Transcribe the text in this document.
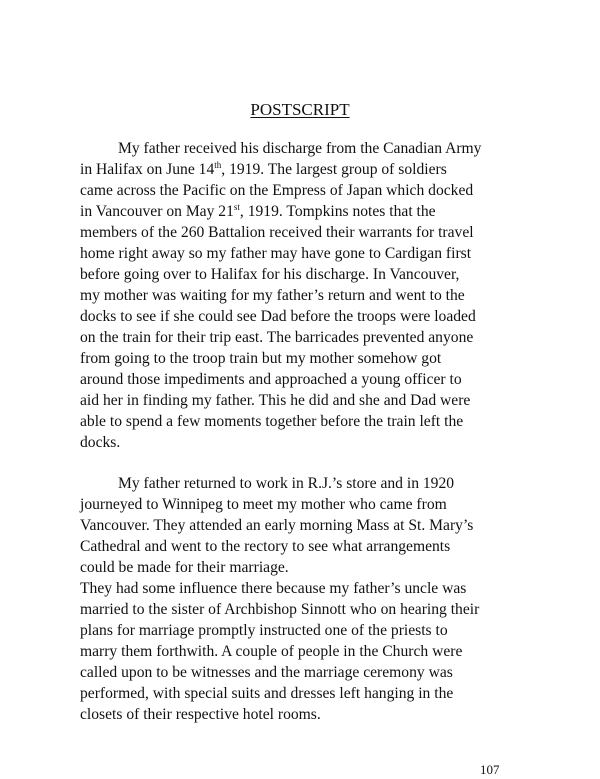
POSTSCRIPT
My father received his discharge from the Canadian Army
in Halifax on June 14th, 1919. The largest group of soldiers
came across the Pacific on the Empress of Japan which docked
in Vancouver on May 21st, 1919. Tompkins notes that the
members of the 260 Battalion received their warrants for travel
home right away so my father may have gone to Cardigan first
before going over to Halifax for his discharge. In Vancouver,
my mother was waiting for my father’s return and went to the
docks to see if she could see Dad before the troops were loaded
on the train for their trip east. The barricades prevented anyone
from going to the troop train but my mother somehow got
around those impediments and approached a young officer to
aid her in finding my father. This he did and she and Dad were
able to spend a few moments together before the train left the
docks.
My father returned to work in R.J.’s store and in 1920
journeyed to Winnipeg to meet my mother who came from
Vancouver. They attended an early morning Mass at St. Mary’s
Cathedral and went to the rectory to see what arrangements
could be made for their marriage.
They had some influence there because my father’s uncle was
married to the sister of Archbishop Sinnott who on hearing their
plans for marriage promptly instructed one of the priests to
marry them forthwith. A couple of people in the Church were
called upon to be witnesses and the marriage ceremony was
performed, with special suits and dresses left hanging in the
closets of their respective hotel rooms.
107
